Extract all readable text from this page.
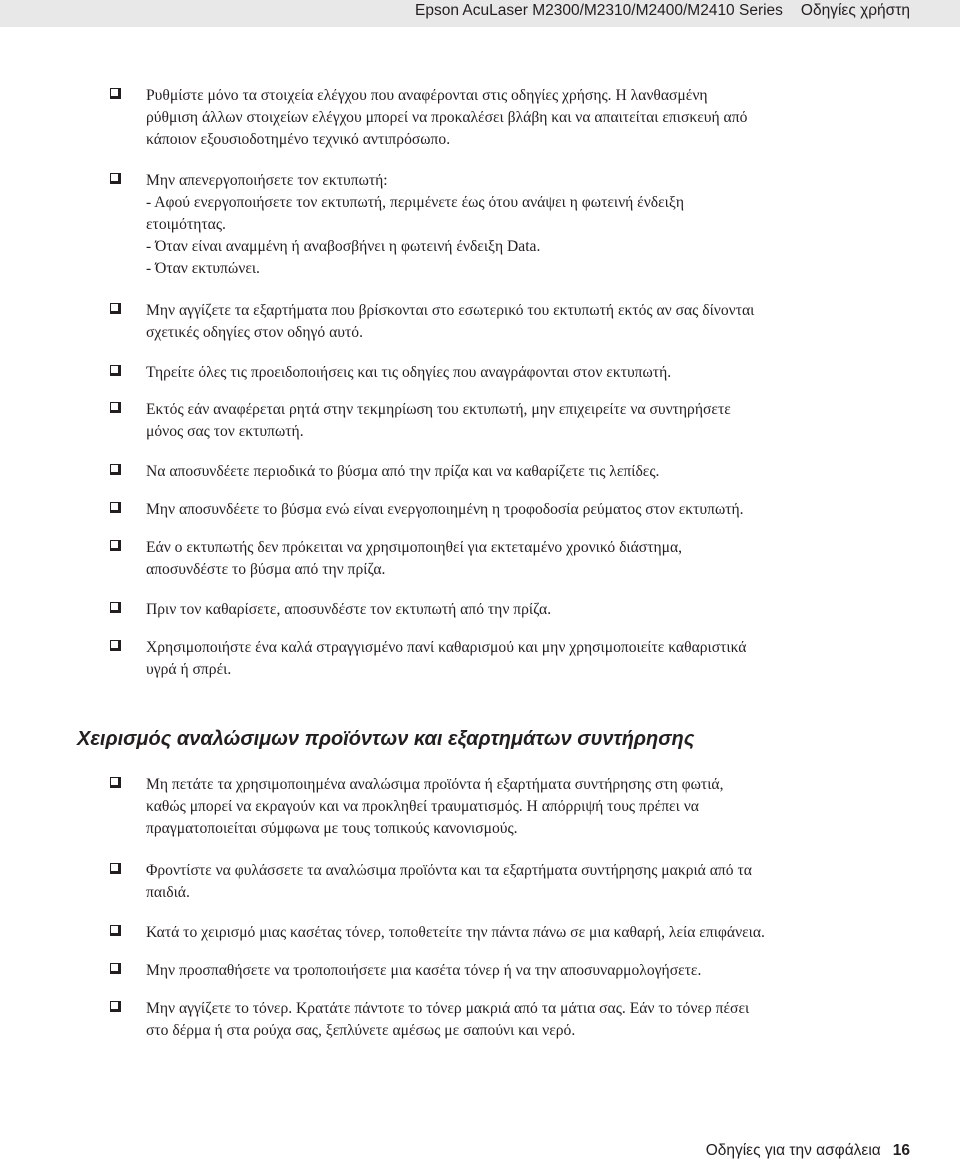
Epson AcuLaser M2300/M2310/M2400/M2410 Series Οδηγίες χρήστη
Ρυθμίστε μόνο τα στοιχεία ελέγχου που αναφέρονται στις οδηγίες χρήσης. Η λανθασμένη
ρύθμιση άλλων στοιχείων ελέγχου μπορεί να προκαλέσει βλάβη και να απαιτείται επισκευή από
κάποιον εξουσιοδοτημένο τεχνικό αντιπρόσωπο.
Μην απενεργοποιήσετε τον εκτυπωτή:
- Αφού ενεργοποιήσετε τον εκτυπωτή, περιμένετε έως ότου ανάψει η φωτεινή ένδειξη
ετοιμότητας.
- Όταν είναι αναμμένη ή αναβοσβήνει η φωτεινή ένδειξη Data.
- Όταν εκτυπώνει.
Μην αγγίζετε τα εξαρτήματα που βρίσκονται στο εσωτερικό του εκτυπωτή εκτός αν σας δίνονται
σχετικές οδηγίες στον οδηγό αυτό.
Τηρείτε όλες τις προειδοποιήσεις και τις οδηγίες που αναγράφονται στον εκτυπωτή.
Εκτός εάν αναφέρεται ρητά στην τεκμηρίωση του εκτυπωτή, μην επιχειρείτε να συντηρήσετε
μόνος σας τον εκτυπωτή.
Να αποσυνδέετε περιοδικά το βύσμα από την πρίζα και να καθαρίζετε τις λεπίδες.
Μην αποσυνδέετε το βύσμα ενώ είναι ενεργοποιημένη η τροφοδοσία ρεύματος στον εκτυπωτή.
Εάν ο εκτυπωτής δεν πρόκειται να χρησιμοποιηθεί για εκτεταμένο χρονικό διάστημα,
αποσυνδέστε το βύσμα από την πρίζα.
Πριν τον καθαρίσετε, αποσυνδέστε τον εκτυπωτή από την πρίζα.
Χρησιμοποιήστε ένα καλά στραγγισμένο πανί καθαρισμού και μην χρησιμοποιείτε καθαριστικά
υγρά ή σπρέι.
Χειρισμός αναλώσιμων προϊόντων και εξαρτημάτων συντήρησης
Μη πετάτε τα χρησιμοποιημένα αναλώσιμα προϊόντα ή εξαρτήματα συντήρησης στη φωτιά,
καθώς μπορεί να εκραγούν και να προκληθεί τραυματισμός. Η απόρριψή τους πρέπει να
πραγματοποιείται σύμφωνα με τους τοπικούς κανονισμούς.
Φροντίστε να φυλάσσετε τα αναλώσιμα προϊόντα και τα εξαρτήματα συντήρησης μακριά από τα
παιδιά.
Κατά το χειρισμό μιας κασέτας τόνερ, τοποθετείτε την πάντα πάνω σε μια καθαρή, λεία επιφάνεια.
Μην προσπαθήσετε να τροποποιήσετε μια κασέτα τόνερ ή να την αποσυναρμολογήσετε.
Μην αγγίζετε το τόνερ. Κρατάτε πάντοτε το τόνερ μακριά από τα μάτια σας. Εάν το τόνερ πέσει
στο δέρμα ή στα ρούχα σας, ξεπλύνετε αμέσως με σαπούνι και νερό.
Οδηγίες για την ασφάλεια 16
